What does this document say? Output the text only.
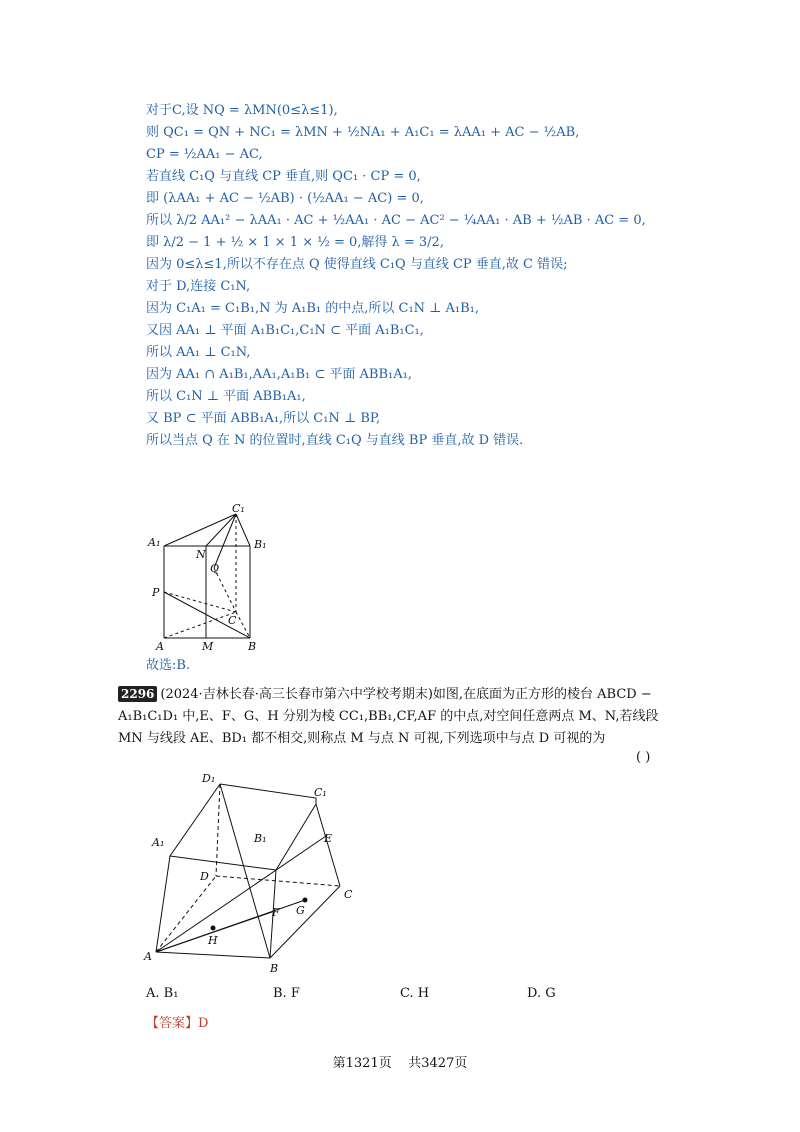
对于C,设 NQ = λMN(0≤λ≤1),
则 QC₁ = QN + NC₁ = λMN + ½NA₁ + A₁C₁ = λAA₁ + AC − ½AB,
CP = ½AA₁ − AC,
若直线 C₁Q 与直线 CP 垂直,则 QC₁ · CP = 0,
即 (λAA₁ + AC − ½AB) · (½AA₁ − AC) = 0,
所以 λ/2 AA₁² − λAA₁ · AC + ½AA₁ · AC − AC² − ¼AA₁ · AB + ½AB · AC = 0,
即 λ/2 − 1 + ½ × 1 × 1 × ½ = 0,解得 λ = 3/2,
因为 0≤λ≤1,所以不存在点 Q 使得直线 C₁Q 与直线 CP 垂直,故 C 错误;
对于 D,连接 C₁N,
因为 C₁A₁ = C₁B₁,N 为 A₁B₁ 的中点,所以 C₁N ⊥ A₁B₁,
又因 AA₁ ⊥ 平面 A₁B₁C₁,C₁N ⊂ 平面 A₁B₁C₁,
所以 AA₁ ⊥ C₁N,
因为 AA₁ ∩ A₁B₁,AA₁,A₁B₁ ⊂ 平面 ABB₁A₁,
所以 C₁N ⊥ 平面 ABB₁A₁,
又 BP ⊂ 平面 ABB₁A₁,所以 C₁N ⊥ BP,
所以当点 Q 在 N 的位置时,直线 C₁Q 与直线 BP 垂直,故 D 错误.
C₁
A₁	B₁
N
Q
P
C
A	M	B
故选:B.
2296 (2024·吉林长春·高三长春市第六中学校考期末)如图,在底面为正方形的棱台 ABCD − A₁B₁C₁D₁ 中,E、F、G、H 分别为棱 CC₁,BB₁,CF,AF 的中点,对空间任意两点 M、N,若线段 MN 与线段 AE、BD₁ 都不相交,则称点 M 与点 N 可视,下列选项中与点 D 可视的为
( )
D₁
C₁
A₁	B₁	E
D
C
F G
H
A
B
A. B₁	B. F	C. H	D. G
【答案】D
第1321页 共3427页
